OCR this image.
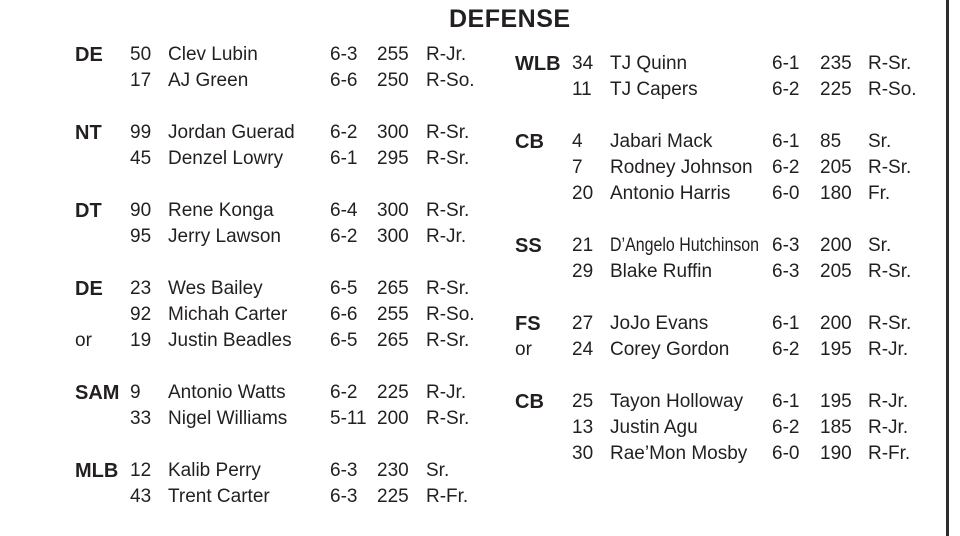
DEFENSE
DE	50 Clev Lubin	6-3	255 R-Jr.
17 AJ Green	6-6	250 R-So.
NT	99 Jordan Guerad	6-2	300 R-Sr.
45 Denzel Lowry	6-1	295 R-Sr.
DT	90 Rene Konga	6-4	300 R-Sr.
95 Jerry Lawson	6-2	300 R-Jr.
DE	23 Wes Bailey	6-5	265 R-Sr.
92 Michah Carter	6-6	255 R-So.
or	19 Justin Beadles	6-5	265 R-Sr.
SAM 9	Antonio Watts	6-2	225 R-Jr.
33 Nigel Williams	5-11 200 R-Sr.
MLB 12 Kalib Perry	6-3	230 Sr.
43 Trent Carter	6-3	225 R-Fr.
WLB 34 TJ Quinn	6-1	235 R-Sr.
11 TJ Capers	6-2	225 R-So.
CB	4	Jabari Mack	6-1	85	Sr.
7	Rodney Johnson	6-2	205 R-Sr.
20 Antonio Harris	6-0	180 Fr.
SS	21 D’Angelo Hutchinson 6-3	200 Sr.
29 Blake Ruffin	6-3	205 R-Sr.
FS	27 JoJo Evans	6-1	200 R-Sr.
or	24 Corey Gordon	6-2	195 R-Jr.
CB	25 Tayon Holloway	6-1	195 R-Jr.
13 Justin Agu	6-2	185 R-Jr.
30 Rae’Mon Mosby	6-0	190 R-Fr.
